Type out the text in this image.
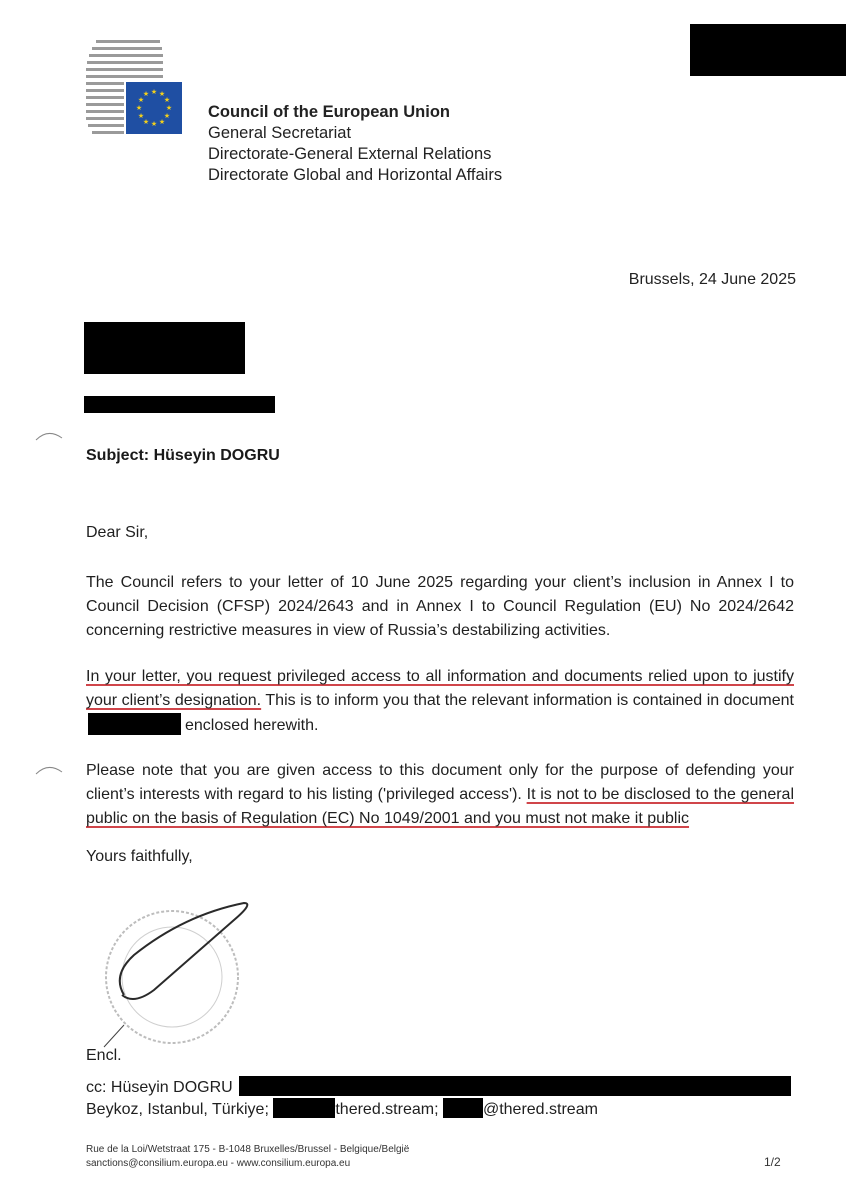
★ ★
★
★
★
★
★
★
★
★
★
★
Council of the European Union
General Secretariat
Directorate-General External Relations
Directorate Global and Horizontal Affairs
Brussels, 24 June 2025
Subject: Hüseyin DOGRU
Dear Sir,
The Council refers to your letter of 10 June 2025 regarding your client’s inclusion in Annex I to Council Decision (CFSP) 2024/2643 and in Annex I to Council Regulation (EU) No 2024/2642 concerning restrictive measures in view of Russia’s destabilizing activities.
In your letter, you request privileged access to all information and documents relied upon to justify your client’s designation. This is to inform you that the relevant information is contained in documentenclosed herewith.
Please note that you are given access to this document only for the purpose of defending your client’s interests with regard to his listing ('privileged access'). It is not to be disclosed to the general public on the basis of Regulation (EC) No 1049/2001 and you must not make it public
Yours faithfully,
Encl.
cc: Hüseyin DOGRU
Beykoz, Istanbul, Türkiye;	thered.stream;	@thered.stream
Rue de la Loi/Wetstraat 175 - B-1048 Bruxelles/Brussel - Belgique/België
sanctions@consilium.europa.eu - www.consilium.europa.eu	1/2
